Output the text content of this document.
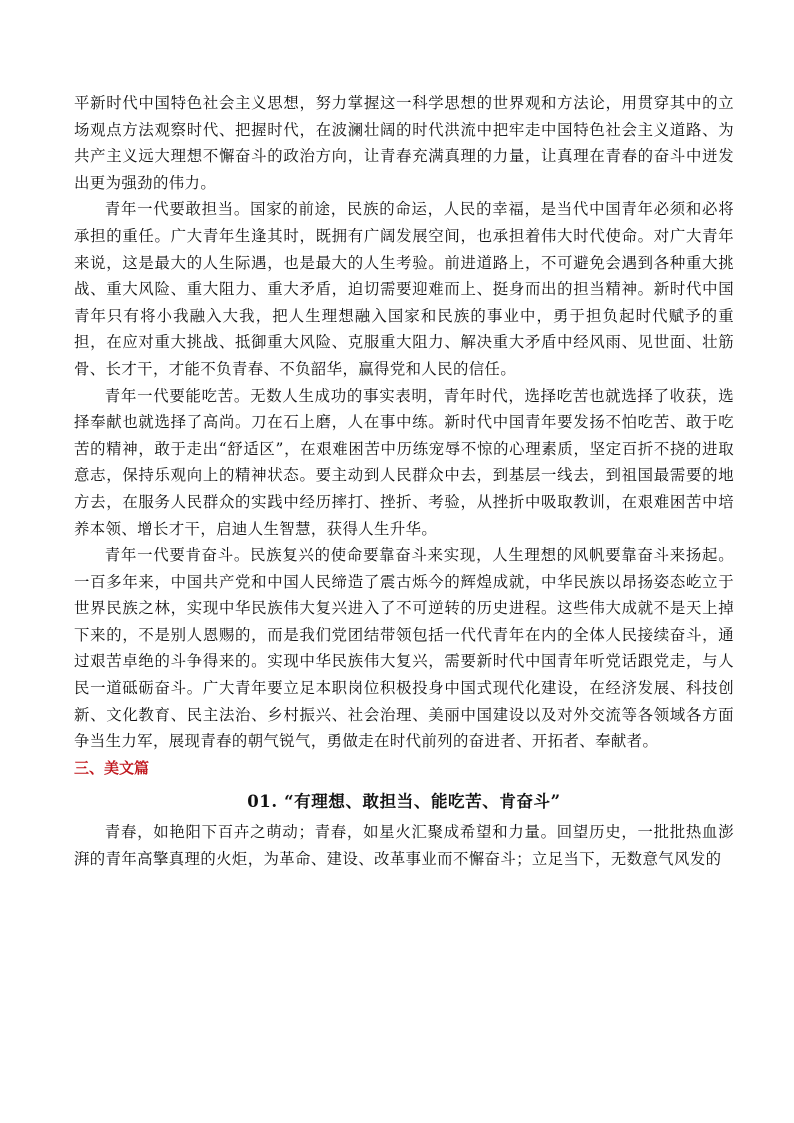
平新时代中国特色社会主义思想，努力掌握这一科学思想的世界观和方法论，用贯穿其中的立场观点方法观察时代、把握时代，在波澜壮阔的时代洪流中把牢走中国特色社会主义道路、为共产主义远大理想不懈奋斗的政治方向，让青春充满真理的力量，让真理在青春的奋斗中迸发出更为强劲的伟力。

青年一代要敢担当。国家的前途，民族的命运，人民的幸福，是当代中国青年必须和必将承担的重任。广大青年生逢其时，既拥有广阔发展空间，也承担着伟大时代使命。对广大青年来说，这是最大的人生际遇，也是最大的人生考验。前进道路上，不可避免会遇到各种重大挑战、重大风险、重大阻力、重大矛盾，迫切需要迎难而上、挺身而出的担当精神。新时代中国青年只有将小我融入大我，把人生理想融入国家和民族的事业中，勇于担负起时代赋予的重担，在应对重大挑战、抵御重大风险、克服重大阻力、解决重大矛盾中经风雨、见世面、壮筋骨、长才干，才能不负青春、不负韶华，赢得党和人民的信任。

青年一代要能吃苦。无数人生成功的事实表明，青年时代，选择吃苦也就选择了收获，选择奉献也就选择了高尚。刀在石上磨，人在事中练。新时代中国青年要发扬不怕吃苦、敢于吃苦的精神，敢于走出“舒适区”，在艰难困苦中历练宠辱不惊的心理素质，坚定百折不挠的进取意志，保持乐观向上的精神状态。要主动到人民群众中去，到基层一线去，到祖国最需要的地方去，在服务人民群众的实践中经历摔打、挫折、考验，从挫折中吸取教训，在艰难困苦中培养本领、增长才干，启迪人生智慧，获得人生升华。

青年一代要肯奋斗。民族复兴的使命要靠奋斗来实现，人生理想的风帆要靠奋斗来扬起。一百多年来，中国共产党和中国人民缔造了震古烁今的辉煌成就，中华民族以昂扬姿态屹立于世界民族之林，实现中华民族伟大复兴进入了不可逆转的历史进程。这些伟大成就不是天上掉下来的，不是别人恩赐的，而是我们党团结带领包括一代代青年在内的全体人民接续奋斗，通过艰苦卓绝的斗争得来的。实现中华民族伟大复兴，需要新时代中国青年听党话跟党走，与人民一道砥砺奋斗。广大青年要立足本职岗位积极投身中国式现代化建设，在经济发展、科技创新、文化教育、民主法治、乡村振兴、社会治理、美丽中国建设以及对外交流等各领域各方面争当生力军，展现青春的朝气锐气，勇做走在时代前列的奋进者、开拓者、奉献者。

三、美文篇
01. “有理想、敢担当、能吃苦、肯奋斗”

青春，如艳阳下百卉之萌动；青春，如星火汇聚成希望和力量。回望历史，一批批热血澎湃的青年高擎真理的火炬，为革命、建设、改革事业而不懈奋斗；立足当下，无数意气风发的
